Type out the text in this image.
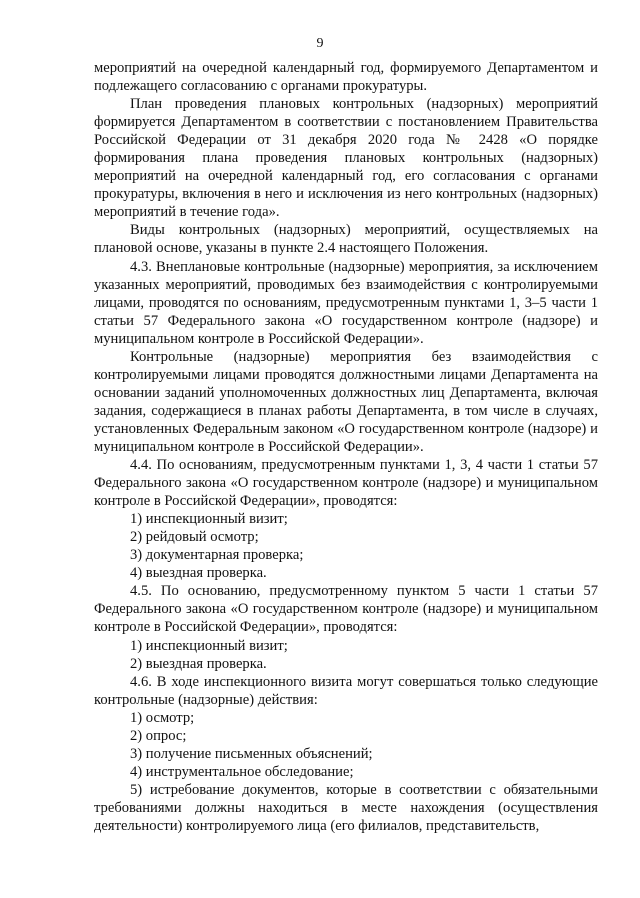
9

мероприятий на очередной календарный год, формируемого Департаментом и подлежащего согласованию с органами прокуратуры.

План проведения плановых контрольных (надзорных) мероприятий формируется Департаментом в соответствии с постановлением Правительства Российской Федерации от 31 декабря 2020 года № 2428 «О порядке формирования плана проведения плановых контрольных (надзорных) мероприятий на очередной календарный год, его согласования с органами прокуратуры, включения в него и исключения из него контрольных (надзорных) мероприятий в течение года».

Виды контрольных (надзорных) мероприятий, осуществляемых на плановой основе, указаны в пункте 2.4 настоящего Положения.

4.3. Внеплановые контрольные (надзорные) мероприятия, за исключением указанных мероприятий, проводимых без взаимодействия с контролируемыми лицами, проводятся по основаниям, предусмотренным пунктами 1, 3–5 части 1 статьи 57 Федерального закона «О государственном контроле (надзоре) и муниципальном контроле в Российской Федерации».

Контрольные (надзорные) мероприятия без взаимодействия с контролируемыми лицами проводятся должностными лицами Департамента на основании заданий уполномоченных должностных лиц Департамента, включая задания, содержащиеся в планах работы Департамента, в том числе в случаях, установленных Федеральным законом «О государственном контроле (надзоре) и муниципальном контроле в Российской Федерации».

4.4. По основаниям, предусмотренным пунктами 1, 3, 4 части 1 статьи 57 Федерального закона «О государственном контроле (надзоре) и муниципальном контроле в Российской Федерации», проводятся:

1) инспекционный визит;

2) рейдовый осмотр;

3) документарная проверка;

4) выездная проверка.

4.5. По основанию, предусмотренному пунктом 5 части 1 статьи 57 Федерального закона «О государственном контроле (надзоре) и муниципальном контроле в Российской Федерации», проводятся:

1) инспекционный визит;

2) выездная проверка.

4.6. В ходе инспекционного визита могут совершаться только следующие контрольные (надзорные) действия:

1) осмотр;

2) опрос;

3) получение письменных объяснений;

4) инструментальное обследование;

5) истребование документов, которые в соответствии с обязательными требованиями должны находиться в месте нахождения (осуществления деятельности) контролируемого лица (его филиалов, представительств,
